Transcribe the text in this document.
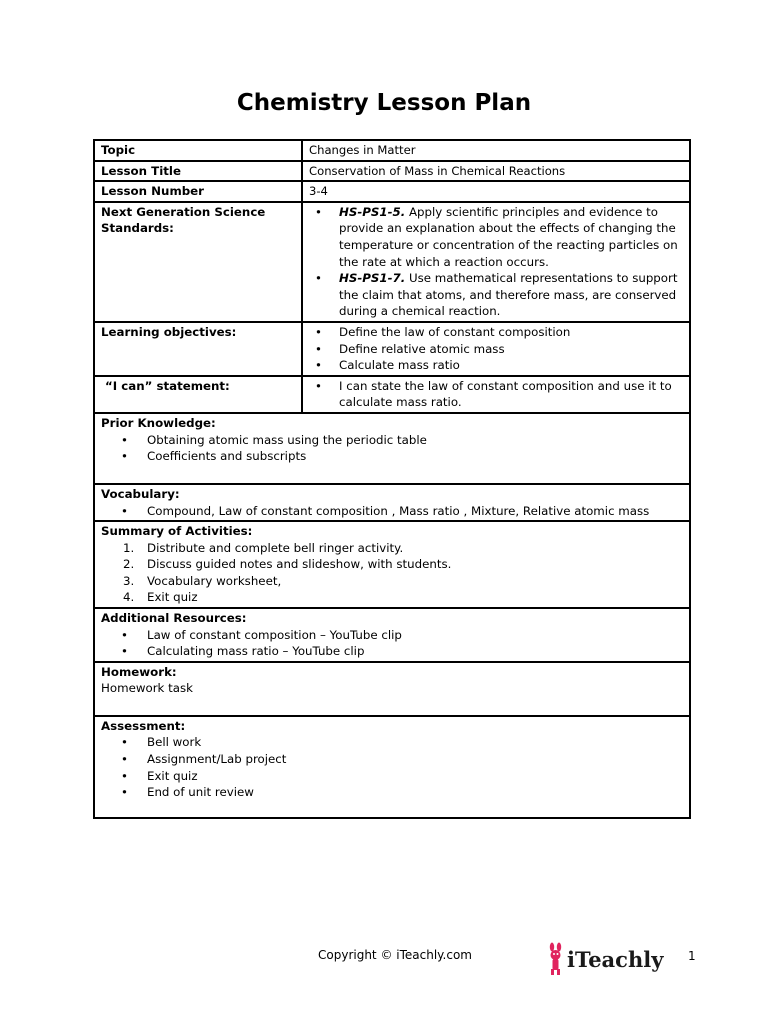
Chemistry Lesson Plan
Topic	Changes in Matter
Lesson Title	Conservation of Mass in Chemical Reactions
Lesson Number	3-4
Next Generation Science Standards:
• HS-PS1-5. Apply scientific principles and evidence to provide an explanation about the effects of changing the temperature or concentration of the reacting particles on the rate at which a reaction occurs.
• HS-PS1-7. Use mathematical representations to support the claim that atoms, and therefore mass, are conserved during a chemical reaction.
Learning objectives:	• Define the law of constant composition
• Define relative atomic mass
• Calculate mass ratio
“I can” statement:	• I can state the law of constant composition and use it to calculate mass ratio.
Prior Knowledge:
• Obtaining atomic mass using the periodic table
• Coefficients and subscripts
Vocabulary:
• Compound, Law of constant composition , Mass ratio , Mixture, Relative atomic mass
Summary of Activities:
1. Distribute and complete bell ringer activity.
2. Discuss guided notes and slideshow, with students.
3. Vocabulary worksheet,
4. Exit quiz
Additional Resources:
• Law of constant composition – YouTube clip
• Calculating mass ratio – YouTube clip
Homework:
Homework task
Assessment:
• Bell work
• Assignment/Lab project
• Exit quiz
• End of unit review
Copyright © iTeachly.com	iTeachly 1
